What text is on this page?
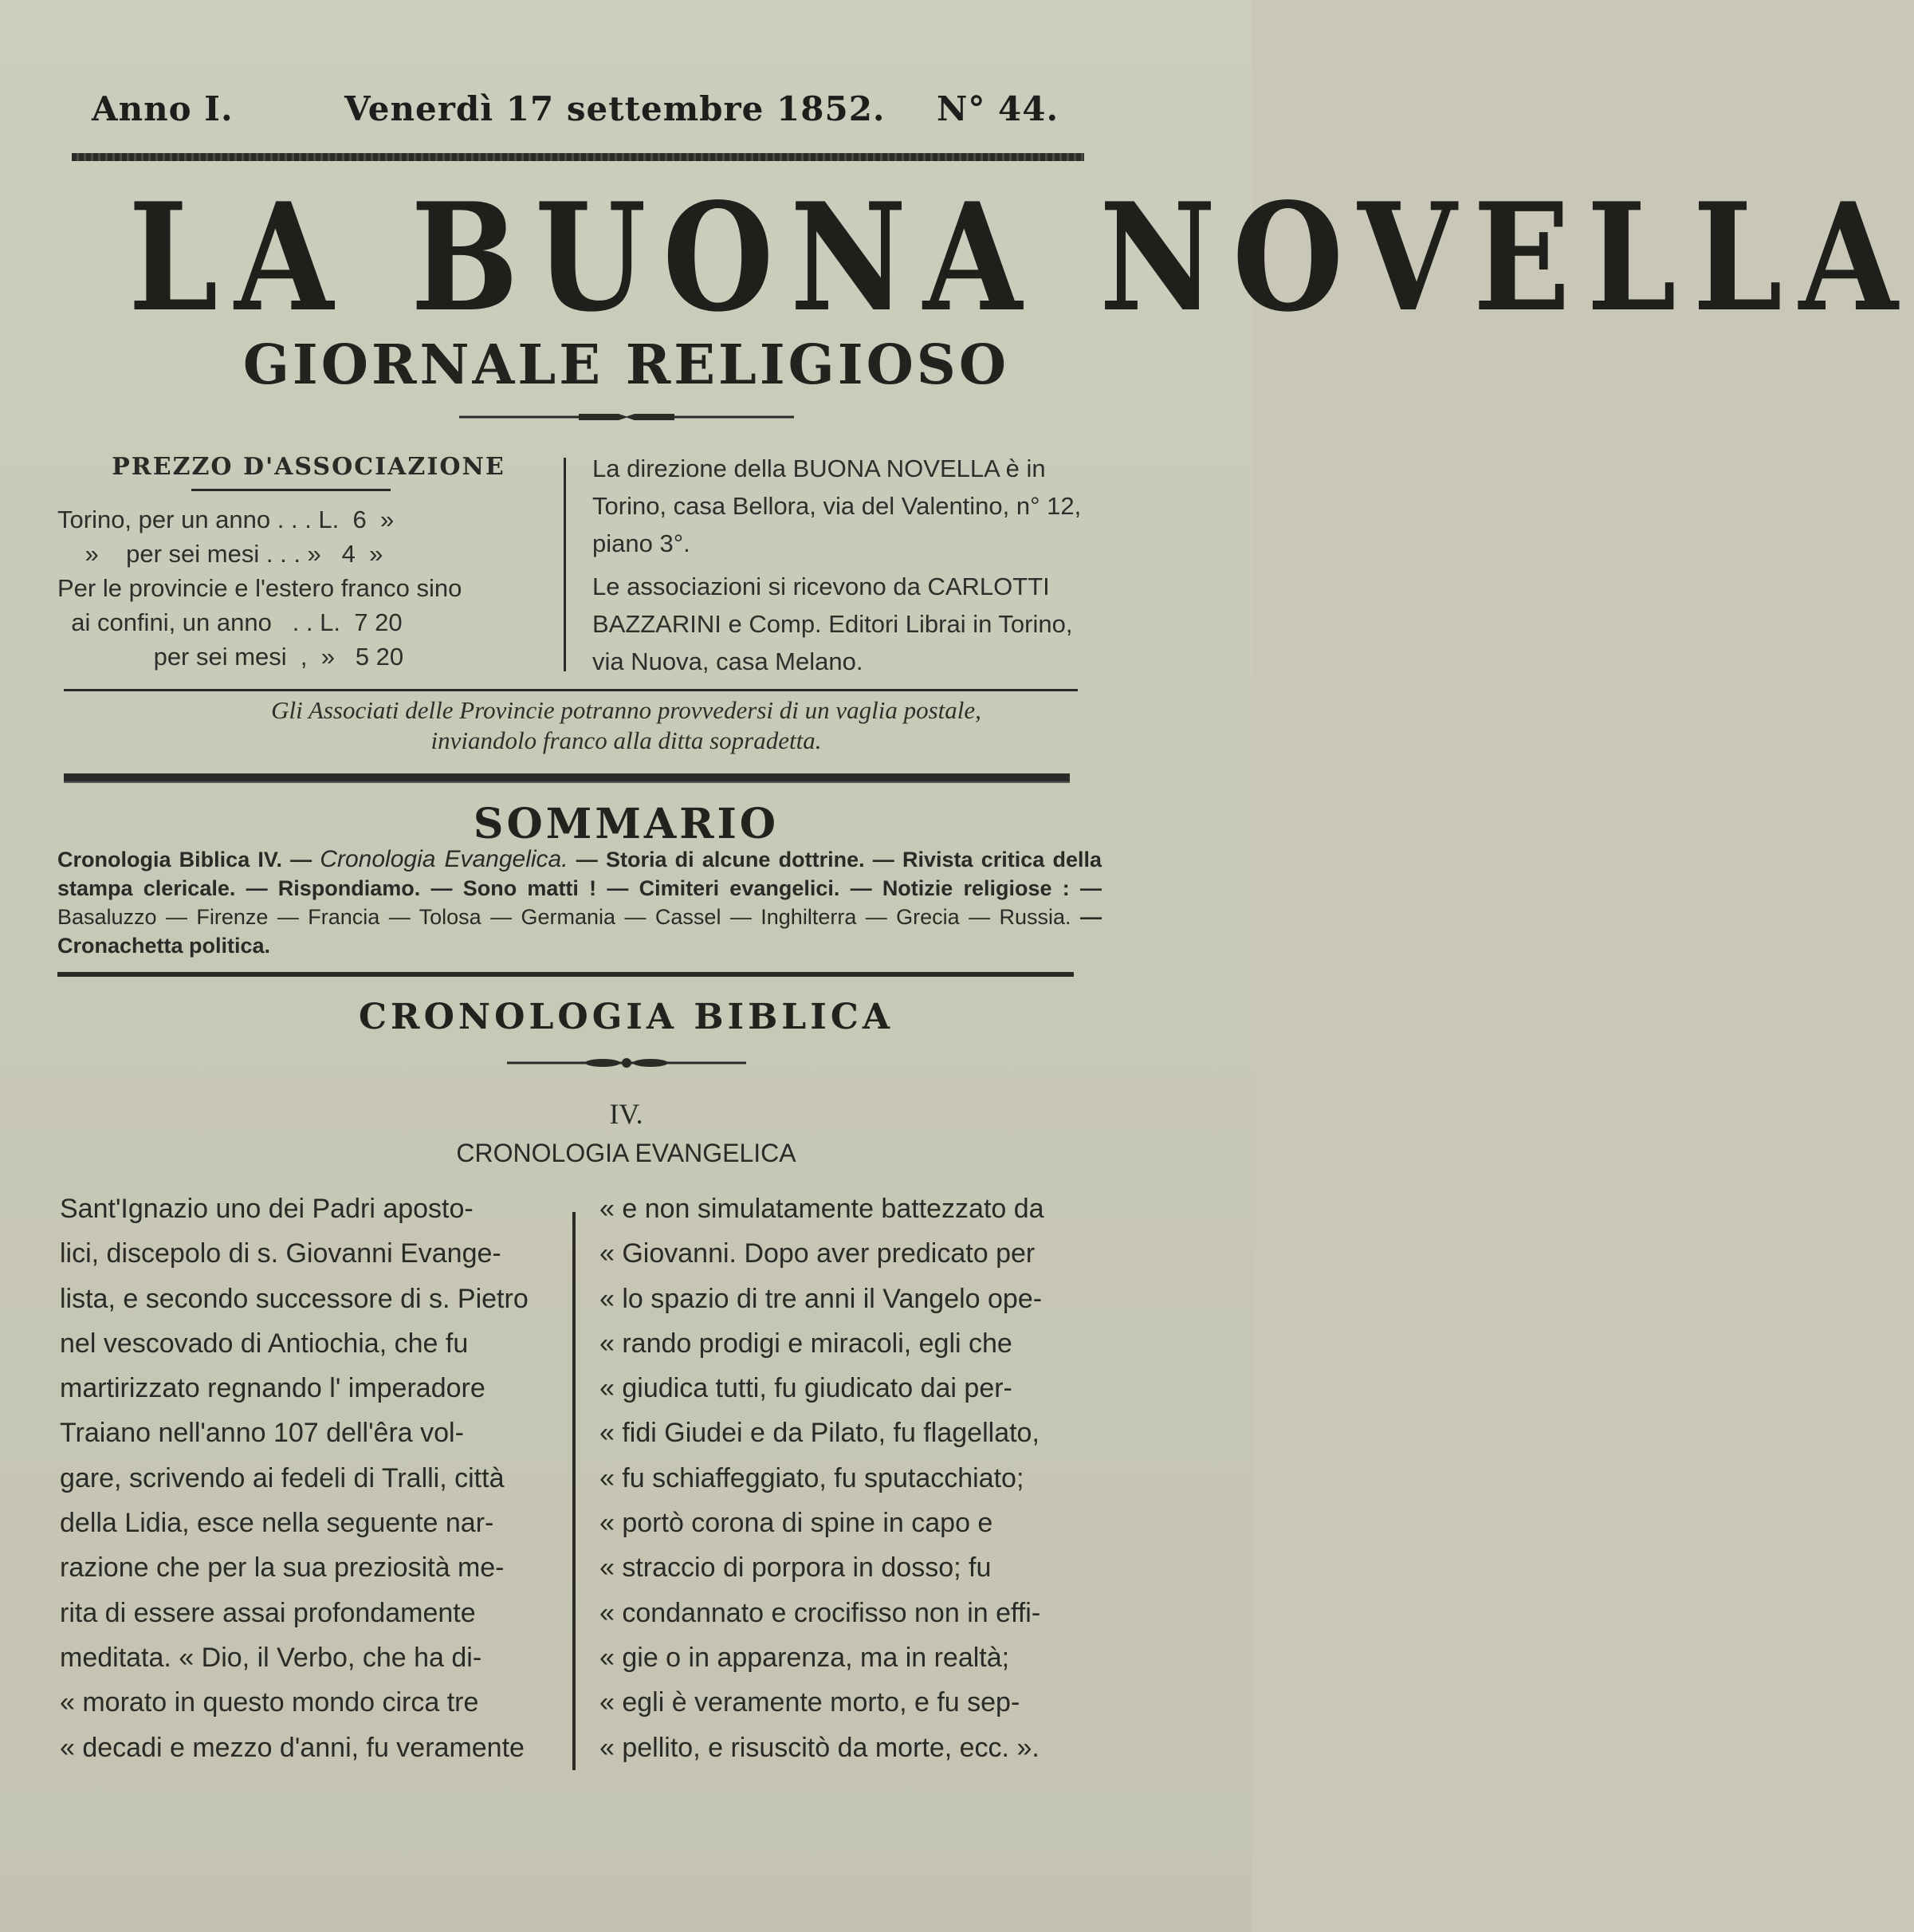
Anno I.	Venerdì 17 settembre 1852. N° 44.
LA BUONA NOVELLA
GIORNALE RELIGIOSO
PREZZO D'ASSOCIAZIONE
Torino, per un anno . . . L.  6  »
»    per sei mesi . . . »   4  »
Per le provincie e l'estero franco sino
ai confini, un anno   . . L.  7 20
per sei mesi  ,  »   5 20
La direzione della BUONA NOVELLA è in Torino, casa Bellora, via del Valentino, n° 12, piano 3°.
Le associazioni si ricevono da CARLOTTI BAZZARINI e Comp. Editori Librai in Torino, via Nuova, casa Melano.
Gli Associati delle Provincie potranno provvedersi di un vaglia postale,
inviandolo franco alla ditta sopradetta.
SOMMARIO
Cronologia Biblica IV. — Cronologia Evangelica. — Storia di alcune dottrine. — Rivista critica della stampa clericale. — Rispondiamo. — Sono matti ! — Cimiteri evangelici. — Notizie religiose : — Basaluzzo — Firenze — Francia — Tolosa — Germania — Cassel — Inghilterra — Grecia — Russia. — Cronachetta politica.
CRONOLOGIA BIBLICA
IV.
CRONOLOGIA EVANGELICA
Sant'Ignazio uno dei Padri aposto-
lici, discepolo di s. Giovanni Evange-
lista, e secondo successore di s. Pietro
nel vescovado di Antiochia, che fu
martirizzato regnando l' imperadore
Traiano nell'anno 107 dell'êra vol-
gare, scrivendo ai fedeli di Tralli, città
della Lidia, esce nella seguente nar-
razione che per la sua preziosità me-
rita di essere assai profondamente
meditata. « Dio, il Verbo, che ha di-
« morato in questo mondo circa tre
« decadi e mezzo d'anni, fu veramente
« e non simulatamente battezzato da
« Giovanni. Dopo aver predicato per
« lo spazio di tre anni il Vangelo ope-
« rando prodigi e miracoli, egli che
« giudica tutti, fu giudicato dai per-
« fidi Giudei e da Pilato, fu flagellato,
« fu schiaffeggiato, fu sputacchiato;
« portò corona di spine in capo e
« straccio di porpora in dosso; fu
« condannato e crocifisso non in effi-
« gie o in apparenza, ma in realtà;
« egli è veramente morto, e fu sep-
« pellito, e risuscitò da morte, ecc. ».
